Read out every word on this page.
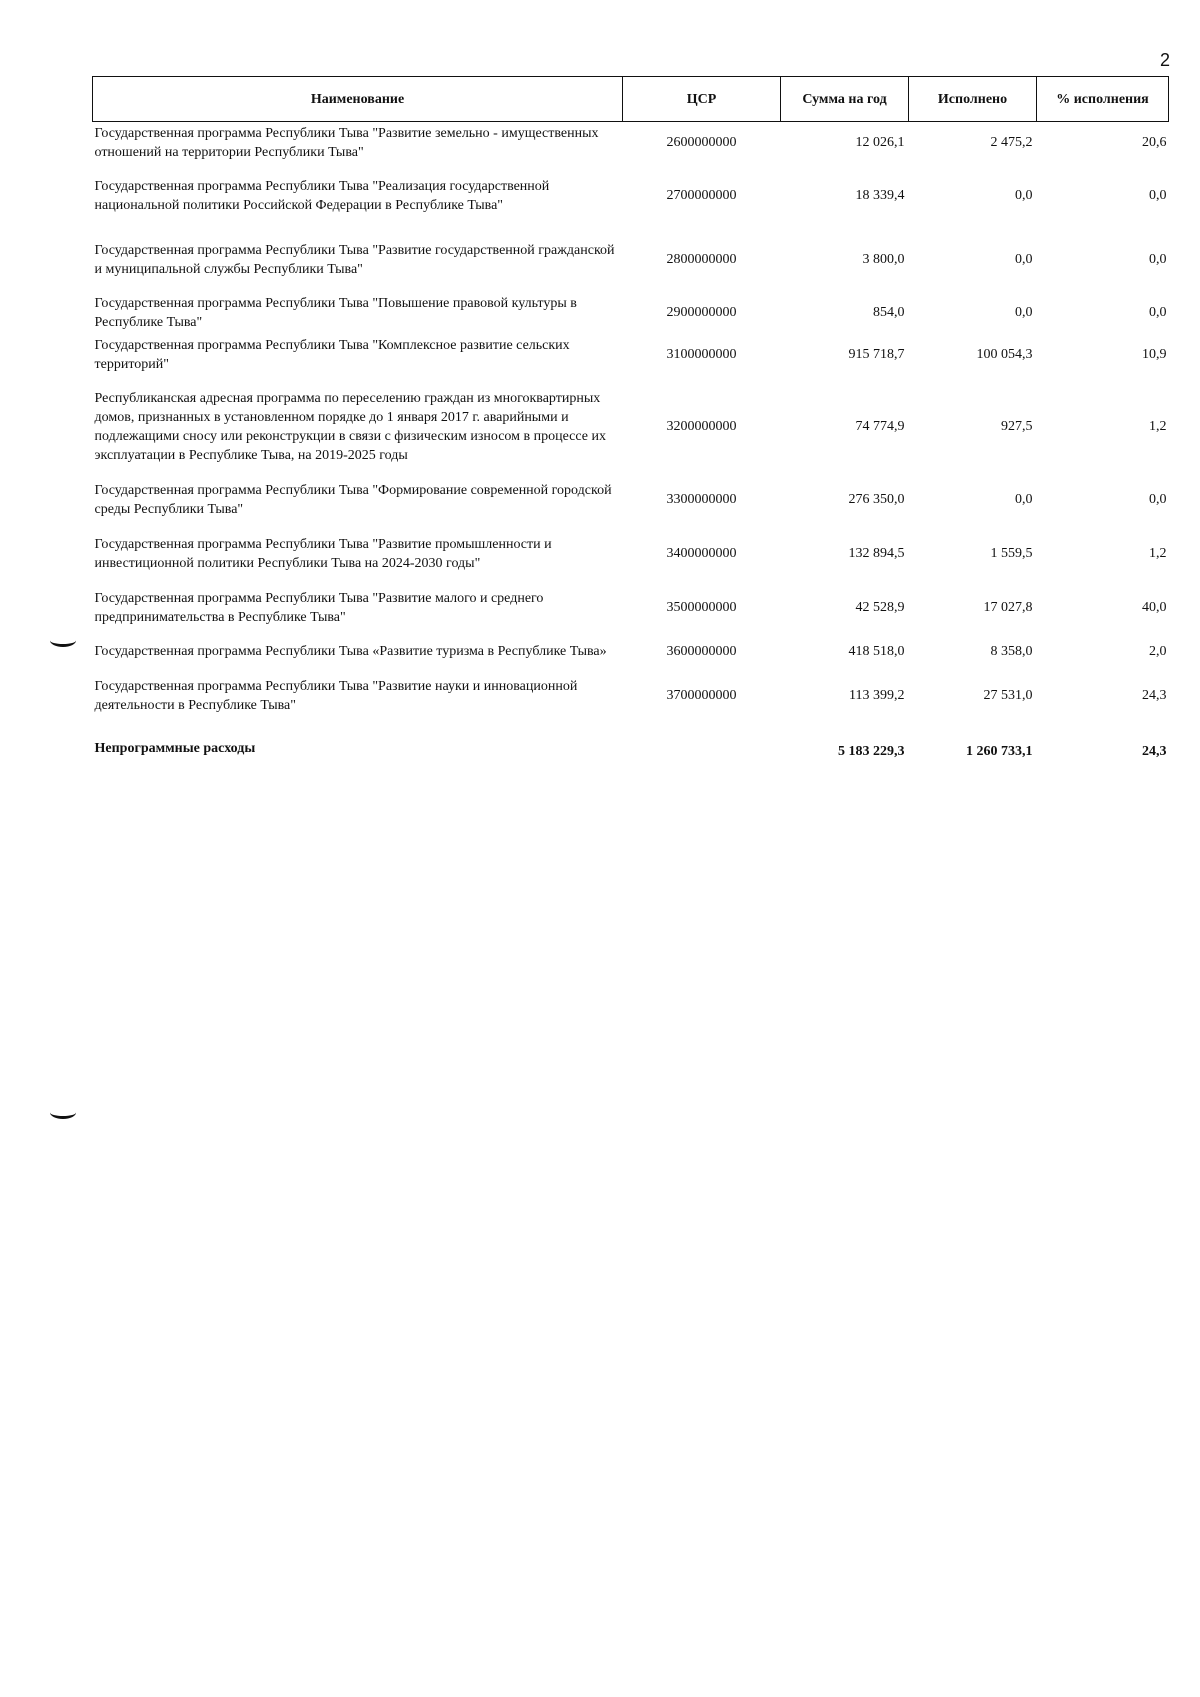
2
Наименование	ЦСР	Сумма на год	Исполнено	% исполнения
Государственная программа Республики Тыва "Развитие земельно - имущественных отношений на территории Республики Тыва"	2600000000	12 026,1	2 475,2	20,6
Государственная программа Республики Тыва "Реализация государственной национальной политики Российской Федерации в Республике Тыва"	2700000000	18 339,4	0,0	0,0
Государственная программа Республики Тыва "Развитие государственной гражданской и муниципальной службы Республики Тыва"	2800000000	3 800,0	0,0	0,0
Государственная программа Республики Тыва "Повышение правовой культуры в Республике Тыва"	2900000000	854,0	0,0	0,0
Государственная программа Республики Тыва "Комплексное развитие сельских территорий"	3100000000	915 718,7	100 054,3	10,9
Республиканская адресная программа по переселению граждан из многоквартирных домов, признанных в установленном порядке до 1 января 2017 г. аварийными и подлежащими сносу или реконструкции в связи с физическим износом в процессе их эксплуатации в Республике Тыва, на 2019-2025 годы	3200000000	74 774,9	927,5	1,2
Государственная программа Республики Тыва "Формирование современной городской среды Республики Тыва"	3300000000	276 350,0	0,0	0,0
Государственная программа Республики Тыва "Развитие промышленности и инвестиционной политики Республики Тыва на 2024-2030 годы"	3400000000	132 894,5	1 559,5	1,2
Государственная программа Республики Тыва "Развитие малого и среднего предпринимательства в Республике Тыва"	3500000000	42 528,9	17 027,8	40,0
Государственная программа Республики Тыва «Развитие туризма в Республике Тыва»	3600000000	418 518,0	8 358,0	2,0
Государственная программа Республики Тыва "Развитие науки и инновационной деятельности в Республике Тыва"	3700000000	113 399,2	27 531,0	24,3

Непрограммные расходы		5 183 229,3	1 260 733,1	24,3
